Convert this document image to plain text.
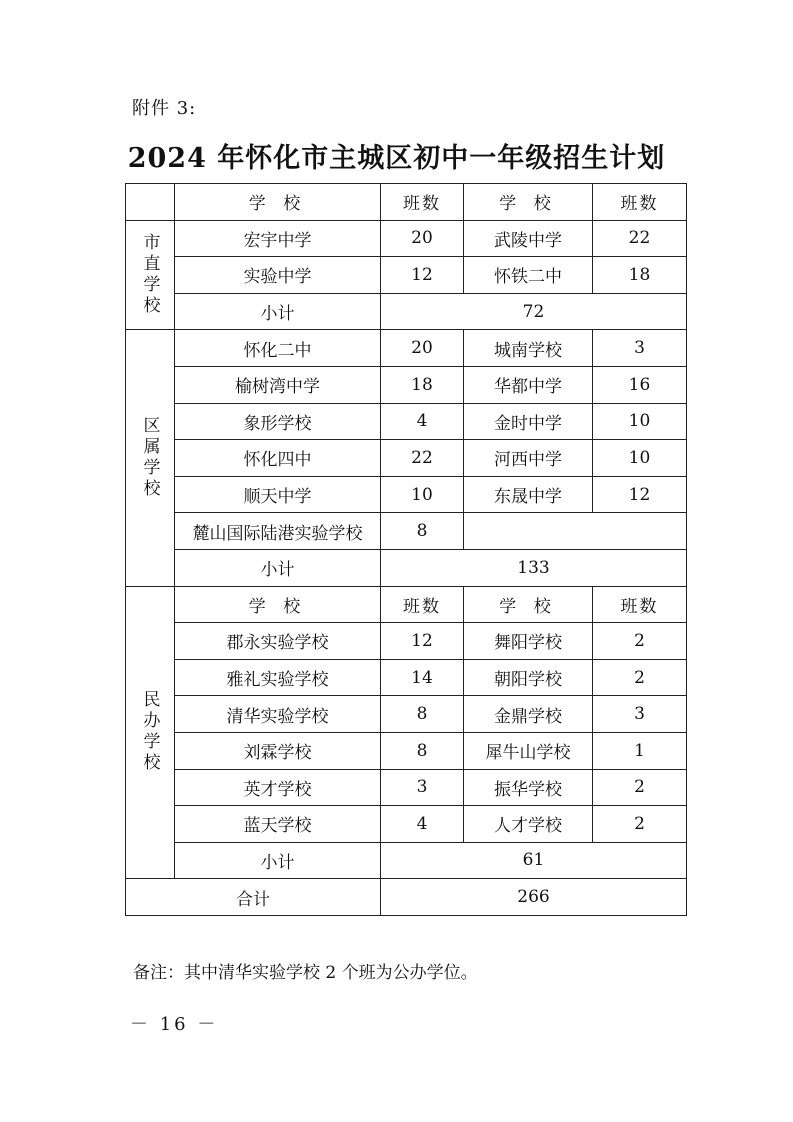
附件 3:
2024 年怀化市主城区初中一年级招生计划
	学 校	班数	学 校	班数
市直学校	宏宇中学	20	武陵中学	22
	实验中学	12	怀铁二中	18
	小计	72		
区属学校	怀化二中	20	城南学校	3
	榆树湾中学	18	华都中学	16
	象形学校	4	金时中学	10
	怀化四中	22	河西中学	10
	顺天中学	10	东晟中学	12
	麓山国际陆港实验学校	8		
	小计	133		
民办学校	学 校	班数	学 校	班数
	郡永实验学校	12	舞阳学校	2
	雅礼实验学校	14	朝阳学校	2
	清华实验学校	8	金鼎学校	3
	刘霖学校	8	犀牛山学校	1
	英才学校	3	振华学校	2
	蓝天学校	4	人才学校	2
	小计	61		
合计		266		
备注：其中清华实验学校 2 个班为公办学位。
－ 16 －
